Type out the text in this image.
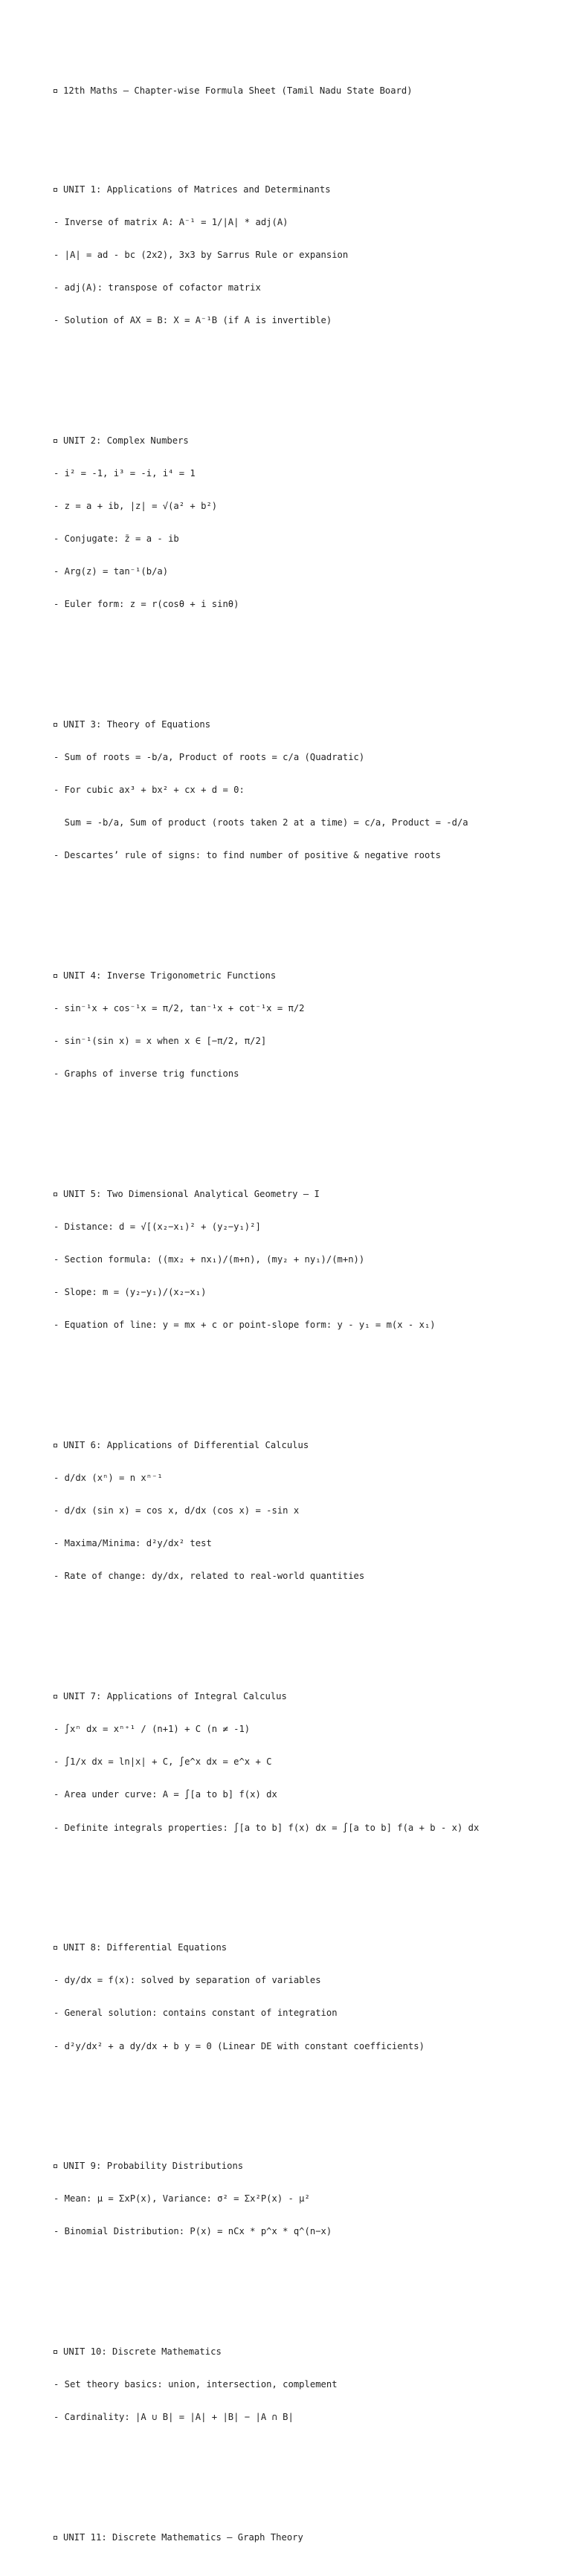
12th Maths – Chapter-wise Formula Sheet (Tamil Nadu State Board)

UNIT 1: Applications of Matrices and Determinants

- Inverse of matrix A: A⁻¹ = 1/|A| * adj(A)

- |A| = ad - bc (2x2), 3x3 by Sarrus Rule or expansion

- adj(A): transpose of cofactor matrix

- Solution of AX = B: X = A⁻¹B (if A is invertible)

UNIT 2: Complex Numbers

- i² = -1, i³ = -i, i⁴ = 1

- z = a + ib, |z| = √(a² + b²)

- Conjugate: z̄ = a - ib

- Arg(z) = tan⁻¹(b/a)

- Euler form: z = r(cosθ + i sinθ)

UNIT 3: Theory of Equations

- Sum of roots = -b/a, Product of roots = c/a (Quadratic)

- For cubic ax³ + bx² + cx + d = 0:

Sum = -b/a, Sum of product (roots taken 2 at a time) = c/a, Product = -d/a

- Descartes’ rule of signs: to find number of positive & negative roots

UNIT 4: Inverse Trigonometric Functions

- sin⁻¹x + cos⁻¹x = π/2, tan⁻¹x + cot⁻¹x = π/2

- sin⁻¹(sin x) = x when x ∈ [−π/2, π/2]

- Graphs of inverse trig functions

UNIT 5: Two Dimensional Analytical Geometry – I

- Distance: d = √[(x₂−x₁)² + (y₂−y₁)²]

- Section formula: ((mx₂ + nx₁)/(m+n), (my₂ + ny₁)/(m+n))

- Slope: m = (y₂−y₁)/(x₂−x₁)

- Equation of line: y = mx + c or point-slope form: y - y₁ = m(x - x₁)

UNIT 6: Applications of Differential Calculus

- d/dx (xⁿ) = n xⁿ⁻¹

- d/dx (sin x) = cos x, d/dx (cos x) = -sin x

- Maxima/Minima: d²y/dx² test

- Rate of change: dy/dx, related to real-world quantities

UNIT 7: Applications of Integral Calculus

- ∫xⁿ dx = xⁿ⁺¹ / (n+1) + C (n ≠ -1)

- ∫1/x dx = ln|x| + C, ∫e^x dx = e^x + C

- Area under curve: A = ∫[a to b] f(x) dx

- Definite integrals properties: ∫[a to b] f(x) dx = ∫[a to b] f(a + b - x) dx

UNIT 8: Differential Equations

- dy/dx = f(x): solved by separation of variables

- General solution: contains constant of integration

- d²y/dx² + a dy/dx + b y = 0 (Linear DE with constant coefficients)

UNIT 9: Probability Distributions

- Mean: μ = ΣxP(x), Variance: σ² = Σx²P(x) - μ²

- Binomial Distribution: P(x) = nCx * p^x * q^(n−x)

UNIT 10: Discrete Mathematics

- Set theory basics: union, intersection, complement

- Cardinality: |A ∪ B| = |A| + |B| − |A ∩ B|

UNIT 11: Discrete Mathematics – Graph Theory
